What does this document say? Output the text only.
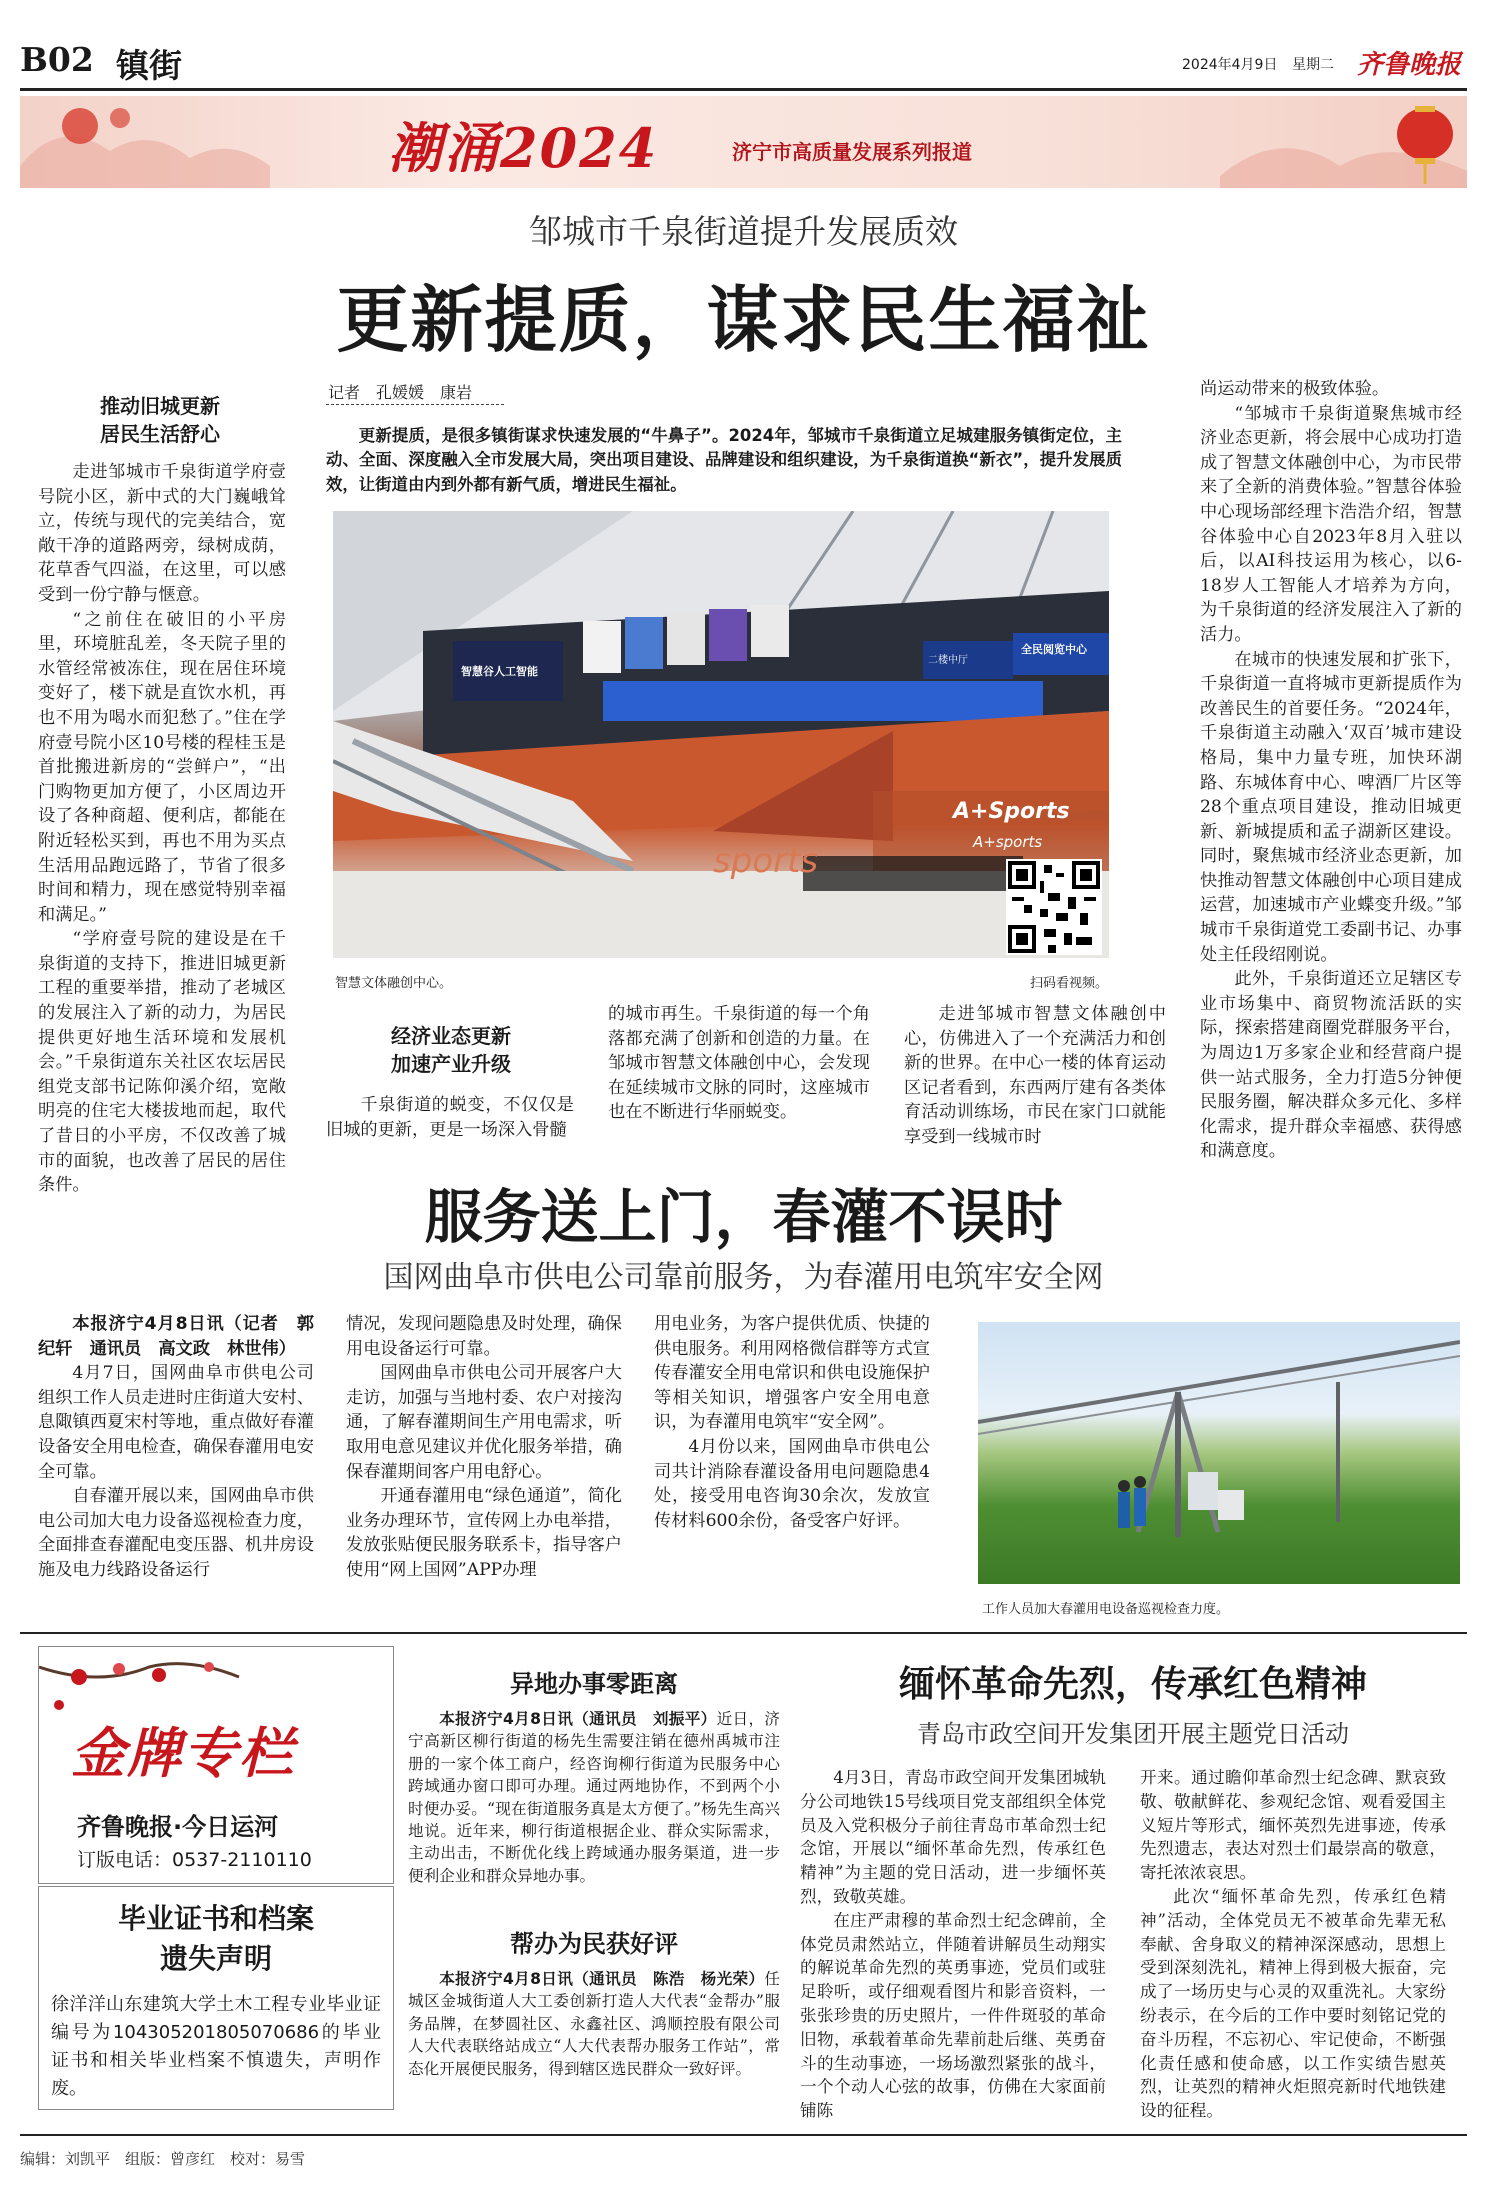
B02 镇街	2024年4月9日 星期二 齐鲁晚报
潮涌2024	济宁市高质量发展系列报道
邹城市千泉街道提升发展质效
更新提质，谋求民生福祉
推动旧城更新
居民生活舒心

走进邹城市千泉街道学府壹号院小区，新中式的大门巍峨耸立，传统与现代的完美结合，宽敞干净的道路两旁，绿树成荫，花草香气四溢，在这里，可以感受到一份宁静与惬意。

“之前住在破旧的小平房里，环境脏乱差，冬天院子里的水管经常被冻住，现在居住环境变好了，楼下就是直饮水机，再也不用为喝水而犯愁了。”住在学府壹号院小区10号楼的程桂玉是首批搬进新房的“尝鲜户”，“出门购物更加方便了，小区周边开设了各种商超、便利店，都能在附近轻松买到，再也不用为买点生活用品跑远路了，节省了很多时间和精力，现在感觉特别幸福和满足。”

“学府壹号院的建设是在千泉街道的支持下，推进旧城更新工程的重要举措，推动了老城区的发展注入了新的动力，为居民提供更好地生活环境和发展机会。”千泉街道东关社区农坛居民组党支部书记陈仰溪介绍，宽敞明亮的住宅大楼拔地而起，取代了昔日的小平房，不仅改善了城市的面貌，也改善了居民的居住条件。

记者　孔媛媛　康岩

更新提质，是很多镇街谋求快速发展的“牛鼻子”。2024年，邹城市千泉街道立足城建服务镇街定位，主动、全面、深度融入全市发展大局，突出项目建设、品牌建设和组织建设，为千泉街道换“新衣”，提升发展质效，让街道由内到外都有新气质，增进民生福祉。

智慧谷人工智能
二楼中厅
全民阅览中心
A+Sports
A+sports
sports
智慧文体融创中心。	扫码看视频。
经济业态更新
加速产业升级

千泉街道的蜕变，不仅仅是旧城的更新，更是一场深入骨髓

的城市再生。千泉街道的每一个角落都充满了创新和创造的力量。在邹城市智慧文体融创中心，会发现在延续城市文脉的同时，这座城市也在不断进行华丽蜕变。

走进邹城市智慧文体融创中心，仿佛进入了一个充满活力和创新的世界。在中心一楼的体育运动区记者看到，东西两厅建有各类体育活动训练场，市民在家门口就能享受到一线城市时

尚运动带来的极致体验。

“邹城市千泉街道聚焦城市经济业态更新，将会展中心成功打造成了智慧文体融创中心，为市民带来了全新的消费体验。”智慧谷体验中心现场部经理卞浩浩介绍，智慧谷体验中心自2023年8月入驻以后，以AI科技运用为核心，以6-18岁人工智能人才培养为方向，为千泉街道的经济发展注入了新的活力。

在城市的快速发展和扩张下，千泉街道一直将城市更新提质作为改善民生的首要任务。“2024年，千泉街道主动融入‘双百’城市建设格局，集中力量专班，加快环湖路、东城体育中心、啤酒厂片区等28个重点项目建设，推动旧城更新、新城提质和孟子湖新区建设。同时，聚焦城市经济业态更新，加快推动智慧文体融创中心项目建成运营，加速城市产业蝶变升级。”邹城市千泉街道党工委副书记、办事处主任段绍刚说。

此外，千泉街道还立足辖区专业市场集中、商贸物流活跃的实际，探索搭建商圈党群服务平台，为周边1万多家企业和经营商户提供一站式服务，全力打造5分钟便民服务圈，解决群众多元化、多样化需求，提升群众幸福感、获得感和满意度。

服务送上门，春灌不误时
国网曲阜市供电公司靠前服务，为春灌用电筑牢安全网

本报济宁4月8日讯（记者　郭纪轩　通讯员　高文政　林世伟）

4月7日，国网曲阜市供电公司组织工作人员走进时庄街道大安村、息陬镇西夏宋村等地，重点做好春灌设备安全用电检查，确保春灌用电安全可靠。

自春灌开展以来，国网曲阜市供电公司加大电力设备巡视检查力度，全面排查春灌配电变压器、机井房设施及电力线路设备运行

情况，发现问题隐患及时处理，确保用电设备运行可靠。

国网曲阜市供电公司开展客户大走访，加强与当地村委、农户对接沟通，了解春灌期间生产用电需求，听取用电意见建议并优化服务举措，确保春灌期间客户用电舒心。

开通春灌用电“绿色通道”，简化业务办理环节，宣传网上办电举措，发放张贴便民服务联系卡，指导客户使用“网上国网”APP办理

用电业务，为客户提供优质、快捷的供电服务。利用网格微信群等方式宣传春灌安全用电常识和供电设施保护等相关知识，增强客户安全用电意识，为春灌用电筑牢“安全网”。

4月份以来，国网曲阜市供电公司共计消除春灌设备用电问题隐患4处，接受用电咨询30余次，发放宣传材料600余份，备受客户好评。

工作人员加大春灌用电设备巡视检查力度。
金牌专栏
齐鲁晚报·今日运河
订版电话：0537-2110110
毕业证书和档案
遗失声明
徐洋洋山东建筑大学土木工程专业毕业证编号为104305201805070686的毕业证书和相关毕业档案不慎遗失，声明作废。
异地办事零距离

本报济宁4月8日讯（通讯员　刘振平）近日，济宁高新区柳行街道的杨先生需要注销在德州禹城市注册的一家个体工商户，经咨询柳行街道为民服务中心跨域通办窗口即可办理。通过两地协作，不到两个小时便办妥。“现在街道服务真是太方便了。”杨先生高兴地说。近年来，柳行街道根据企业、群众实际需求，主动出击，不断优化线上跨域通办服务渠道，进一步便利企业和群众异地办事。

帮办为民获好评

本报济宁4月8日讯（通讯员　陈浩　杨光荣）任城区金城街道人大工委创新打造人大代表“金帮办”服务品牌，在梦圆社区、永鑫社区、鸿顺控股有限公司人大代表联络站成立“人大代表帮办服务工作站”，常态化开展便民服务，得到辖区选民群众一致好评。

缅怀革命先烈，传承红色精神
青岛市政空间开发集团开展主题党日活动

4月3日，青岛市政空间开发集团城轨分公司地铁15号线项目党支部组织全体党员及入党积极分子前往青岛市革命烈士纪念馆，开展以“缅怀革命先烈，传承红色精神”为主题的党日活动，进一步缅怀英烈，致敬英雄。

在庄严肃穆的革命烈士纪念碑前，全体党员肃然站立，伴随着讲解员生动翔实的解说革命先烈的英勇事迹，党员们或驻足聆听，或仔细观看图片和影音资料，一张张珍贵的历史照片，一件件斑驳的革命旧物，承载着革命先辈前赴后继、英勇奋斗的生动事迹，一场场激烈紧张的战斗，一个个动人心弦的故事，仿佛在大家面前铺陈

开来。通过瞻仰革命烈士纪念碑、默哀致敬、敬献鲜花、参观纪念馆、观看爱国主义短片等形式，缅怀英烈先进事迹，传承先烈遗志，表达对烈士们最崇高的敬意，寄托浓浓哀思。

此次“缅怀革命先烈，传承红色精神”活动，全体党员无不被革命先辈无私奉献、舍身取义的精神深深感动，思想上受到深刻洗礼，精神上得到极大振奋，完成了一场历史与心灵的双重洗礼。大家纷纷表示，在今后的工作中要时刻铭记党的奋斗历程，不忘初心、牢记使命，不断强化责任感和使命感，以工作实绩告慰英烈，让英烈的精神火炬照亮新时代地铁建设的征程。

编辑：刘凯平　组版：曾彦红　校对：易雪
